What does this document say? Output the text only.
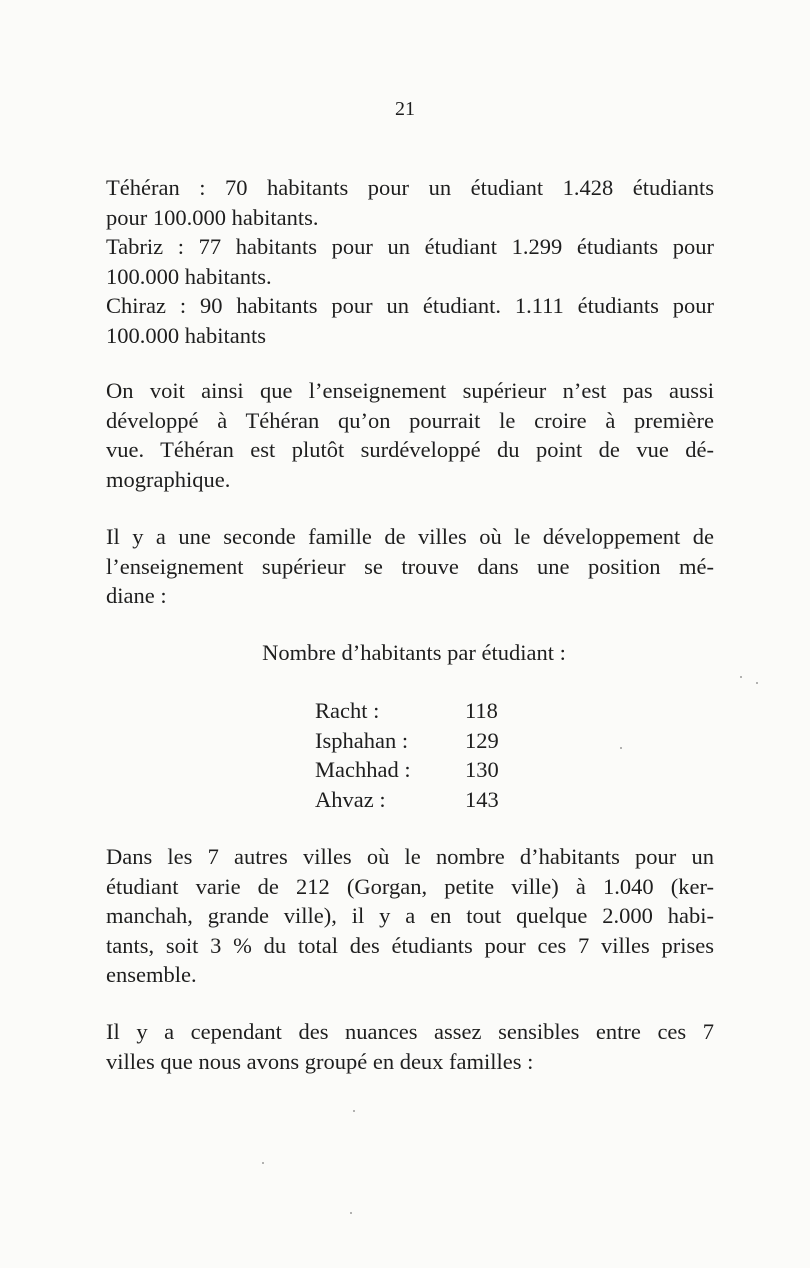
21
Téhéran : 70 habitants pour un étudiant 1.428 étudiants
pour 100.000 habitants.
Tabriz : 77 habitants pour un étudiant 1.299 étudiants pour
100.000 habitants.
Chiraz : 90 habitants pour un étudiant. 1.111 étudiants pour
100.000 habitants
On voit ainsi que l’enseignement supérieur n’est pas aussi
développé à Téhéran qu’on pourrait le croire à première
vue. Téhéran est plutôt surdéveloppé du point de vue dé-
mographique.
Il y a une seconde famille de villes où le développement de
l’enseignement supérieur se trouve dans une position mé-
diane :
Nombre d’habitants par étudiant :
Racht :	118
Isphahan :	129
Machhad :	130
Ahvaz :	143
Dans les 7 autres villes où le nombre d’habitants pour un
étudiant varie de 212 (Gorgan, petite ville) à 1.040 (ker-
manchah, grande ville), il y a en tout quelque 2.000 habi-
tants, soit 3 % du total des étudiants pour ces 7 villes prises
ensemble.
Il y a cependant des nuances assez sensibles entre ces 7
villes que nous avons groupé en deux familles :
